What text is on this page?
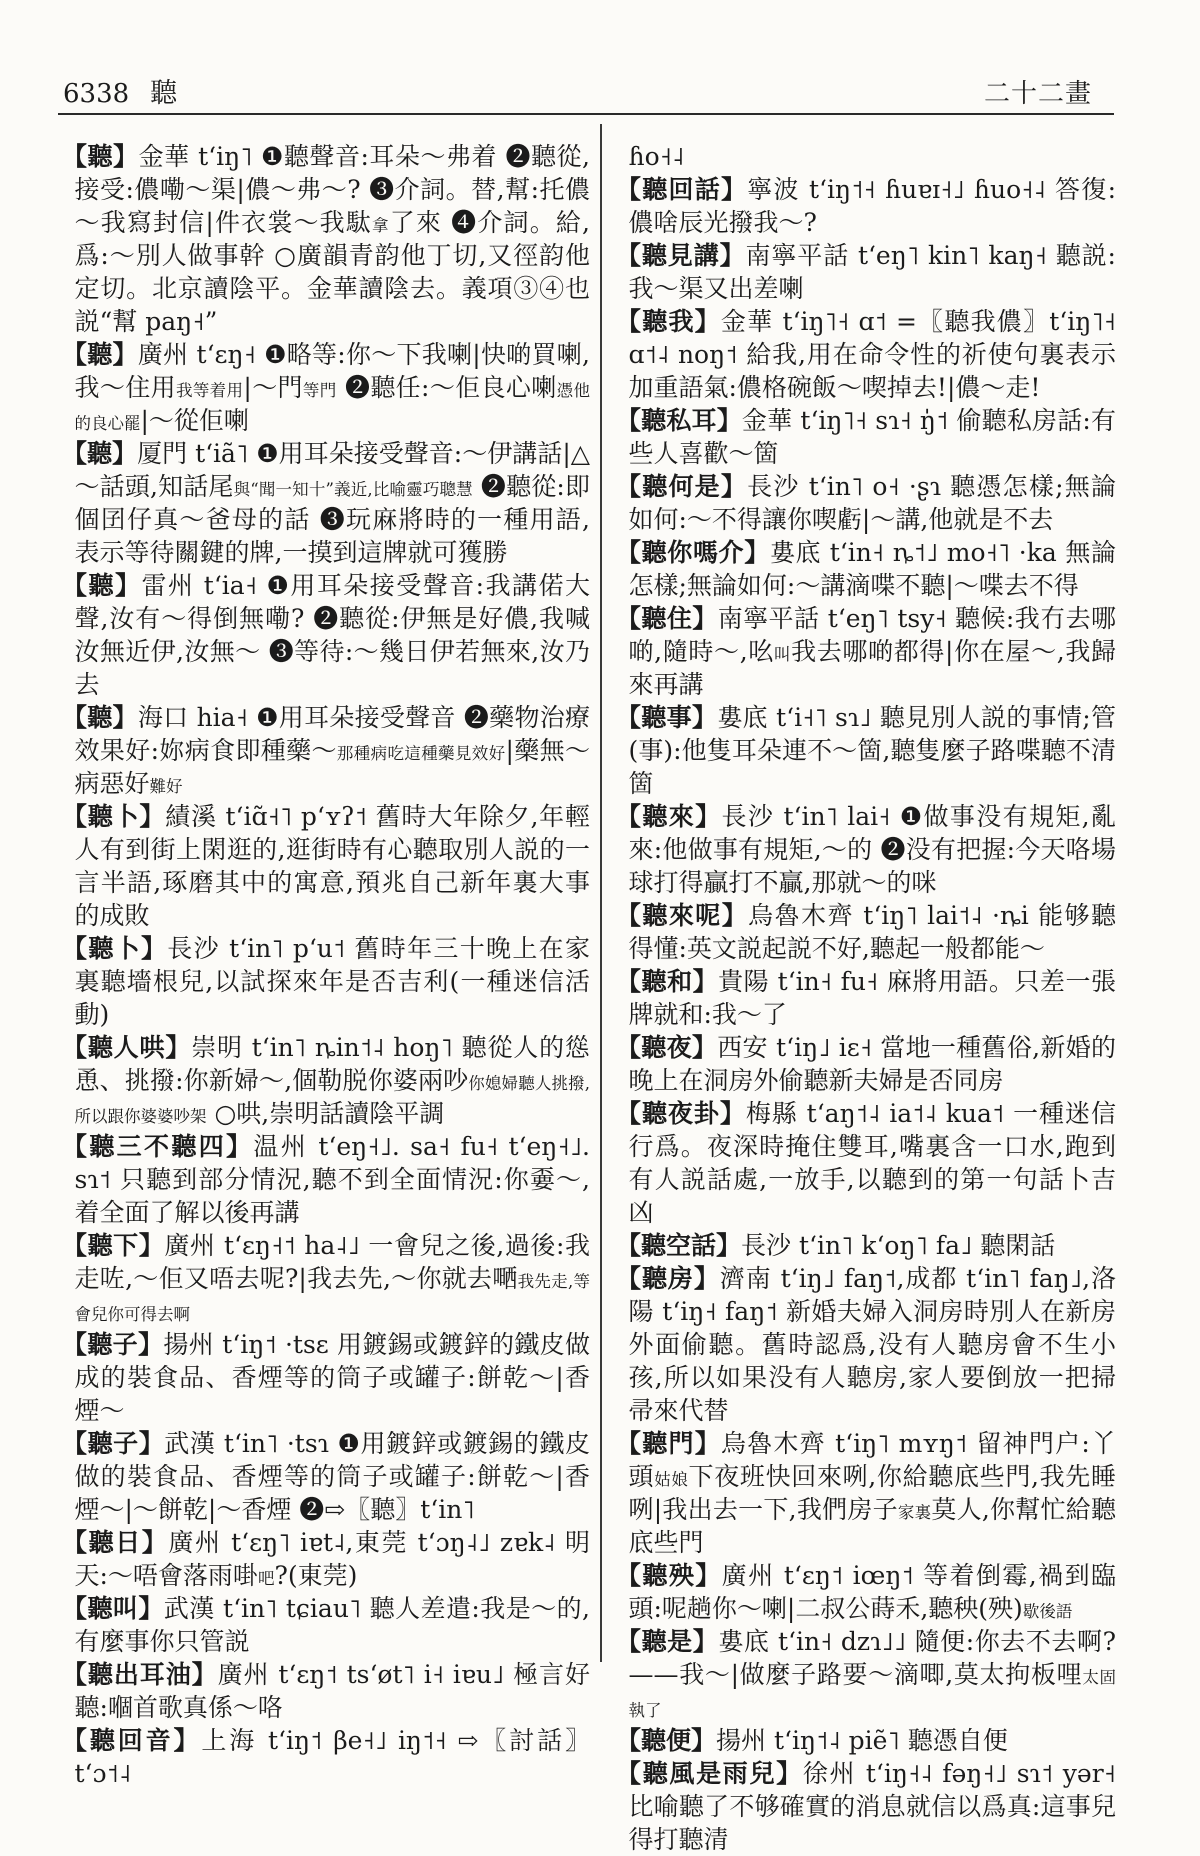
6338 聽	二十二畫

【聽】金華 tʻiŋ˥ ❶聽聲音:耳朵～弗着 ❷聽從,接受:儂嘞～渠|儂～弗～? ❸介詞。替,幫:托儂～我寫封信|件衣裳～我駄拿了來 ❹介詞。給,爲:～別人做事幹 ○廣韻青韵他丁切,又徑韵他定切。北京讀陰平。金華讀陰去。義項③④也説“幫 paŋ˧”

【聽】廣州 tʻɛŋ˧ ❶略等:你～下我喇|快啲買喇,我～住用我等着用|～門等門 ❷聽任:～佢良心喇憑他的良心罷|～從佢喇

【聽】厦門 tʻiã˥ ❶用耳朵接受聲音:～伊講話|△～話頭,知話尾與“聞一知十”義近,比喻靈巧聰慧 ❷聽從:即個囝仔真～爸母的話 ❸玩麻將時的一種用語,表示等待關鍵的牌,一摸到這牌就可獲勝

【聽】雷州 tʻia˧ ❶用耳朵接受聲音:我講偌大聲,汝有～得倒無嘞? ❷聽從:伊無是好儂,我喊汝無近伊,汝無～ ❸等待:～幾日伊若無來,汝乃去

【聽】海口 hia˧ ❶用耳朵接受聲音 ❷藥物治療效果好:妳病食即種藥～那種病吃這種藥見效好|藥無～病惡好難好

【聽卜】績溪 tʻiɑ̃˧˥ pʻʏʔ˦ 舊時大年除夕,年輕人有到街上閑逛的,逛街時有心聽取別人説的一言半語,琢磨其中的寓意,預兆自己新年裏大事的成敗

【聽卜】長沙 tʻin˥ pʻu˦ 舊時年三十晚上在家裏聽墻根兒,以試探來年是否吉利(一種迷信活動)

【聽人哄】崇明 tʻin˥ ȵin˦˨ hoŋ˥ 聽從人的慫恿、挑撥:你新婦～,個勒脱你婆兩吵你媳婦聽人挑撥,所以跟你婆婆吵架 ○哄,崇明話讀陰平調

【聽三不聽四】温州 tʻeŋ˧˩. sa˧ fu˧ tʻeŋ˧˩. sɿ˦ 只聽到部分情況,聽不到全面情況:你嫑～,着全面了解以後再講

【聽下】廣州 tʻɛŋ˧˦ ha˨˩ 一會兒之後,過後:我走咗,～佢又唔去呢?|我去先,～你就去嗮我先走,等會兒你可得去啊

【聽子】揚州 tʻiŋ˦ ·tsɛ 用鍍錫或鍍鋅的鐵皮做成的裝食品、香煙等的筒子或罐子:餅乾～|香煙～

【聽子】武漢 tʻin˥ ·tsɿ ❶用鍍鋅或鍍錫的鐵皮做的裝食品、香煙等的筒子或罐子:餅乾～|香煙～|～餅乾|～香煙 ❷⇨〖聽〗tʻin˥

【聽日】廣州 tʻɛŋ˥ iɐt˨,東莞 tʻɔŋ˨˩ zɐk˨ 明天:～唔會落雨啩吧?(東莞)

【聽叫】武漢 tʻin˥ tɕiau˥ 聽人差遣:我是～的,有麼事你只管説

【聽出耳油】廣州 tʻɛŋ˦ tsʻøt˥ i˧ iɐu˩ 極言好聽:嗰首歌真係～咯

【聽回音】上海 tʻiŋ˦ βe˧˩ iŋ˦˧ ⇨〖討話〗tʻɔ˦˨

ɦo˧˨

【聽回話】寧波 tʻiŋ˦˧ ɦuɐɪ˧˩ ɦuo˧˨ 答復:儂啥辰光撥我～?

【聽見講】南寧平話 tʻeŋ˥ kin˥ kaŋ˧ 聽説:我～渠又出差喇

【聽我】金華 tʻiŋ˥˧ ɑ˦ =〖聽我儂〗tʻiŋ˥˧ ɑ˦˨ noŋ˦ 給我,用在命令性的祈使句裏表示加重語氣:儂格碗飯～喫掉去!|儂～走!

【聽私耳】金華 tʻiŋ˥˧ sɿ˧ ŋ̍˦ 偷聽私房話:有些人喜歡～箇

【聽何是】長沙 tʻin˥ o˧ ·ʂɿ 聽憑怎樣;無論如何:～不得讓你喫虧|～講,他就是不去

【聽你嗎介】婁底 tʻin˧ ȵ˦˩ mo˧˥ ·ka 無論怎樣;無論如何:～講滴喋不聽|～喋去不得

【聽住】南寧平話 tʻeŋ˥ tsy˧ 聽候:我冇去哪啲,隨時～,吆叫我去哪啲都得|你在屋～,我歸來再講

【聽事】婁底 tʻi˧˥ sɿ˩ 聽見別人説的事情;管(事):他隻耳朵連不～箇,聽隻麼子路喋聽不清箇

【聽來】長沙 tʻin˥ lai˧ ❶做事没有規矩,亂來:他做事有規矩,～的 ❷没有把握:今天咯場球打得贏打不贏,那就～的咪

【聽來呢】烏魯木齊 tʻiŋ˥ lai˦˨ ·ȵi 能够聽得懂:英文説起説不好,聽起一般都能～

【聽和】貴陽 tʻin˧ fu˧ 麻將用語。只差一張牌就和:我～了

【聽夜】西安 tʻiŋ˩ iɛ˧ 當地一種舊俗,新婚的晚上在洞房外偷聽新夫婦是否同房

【聽夜卦】梅縣 tʻaŋ˦˨ ia˦˨ kua˦ 一種迷信行爲。夜深時掩住雙耳,嘴裏含一口水,跑到有人説話處,一放手,以聽到的第一句話卜吉凶

【聽空話】長沙 tʻin˥ kʻoŋ˥ fa˩ 聽閑話

【聽房】濟南 tʻiŋ˩ faŋ˦,成都 tʻin˥ faŋ˩,洛陽 tʻiŋ˧ faŋ˦ 新婚夫婦入洞房時別人在新房外面偷聽。舊時認爲,没有人聽房會不生小孩,所以如果没有人聽房,家人要倒放一把掃帚來代替

【聽門】烏魯木齊 tʻiŋ˥ mʏŋ˦ 留神門户:丫頭姑娘下夜班快回來咧,你給聽底些門,我先睡咧|我出去一下,我們房子家裏莫人,你幫忙給聽底些門

【聽殃】廣州 tʻɛŋ˦ iœŋ˦ 等着倒霉,禍到臨頭:呢趟你～喇|二叔公蒔禾,聽秧(殃)歇後語

【聽是】婁底 tʻin˧ dzɿ˩˩ 隨便:你去不去啊?——我～|做麼子路要～滴唧,莫太拘板哩太固執了

【聽便】揚州 tʻiŋ˦˨ piẽ˥ 聽憑自便

【聽風是雨兒】徐州 tʻiŋ˧˨ fəŋ˧˩ sɿ˦ yər˧ 比喻聽了不够確實的消息就信以爲真:這事兒得打聽清
